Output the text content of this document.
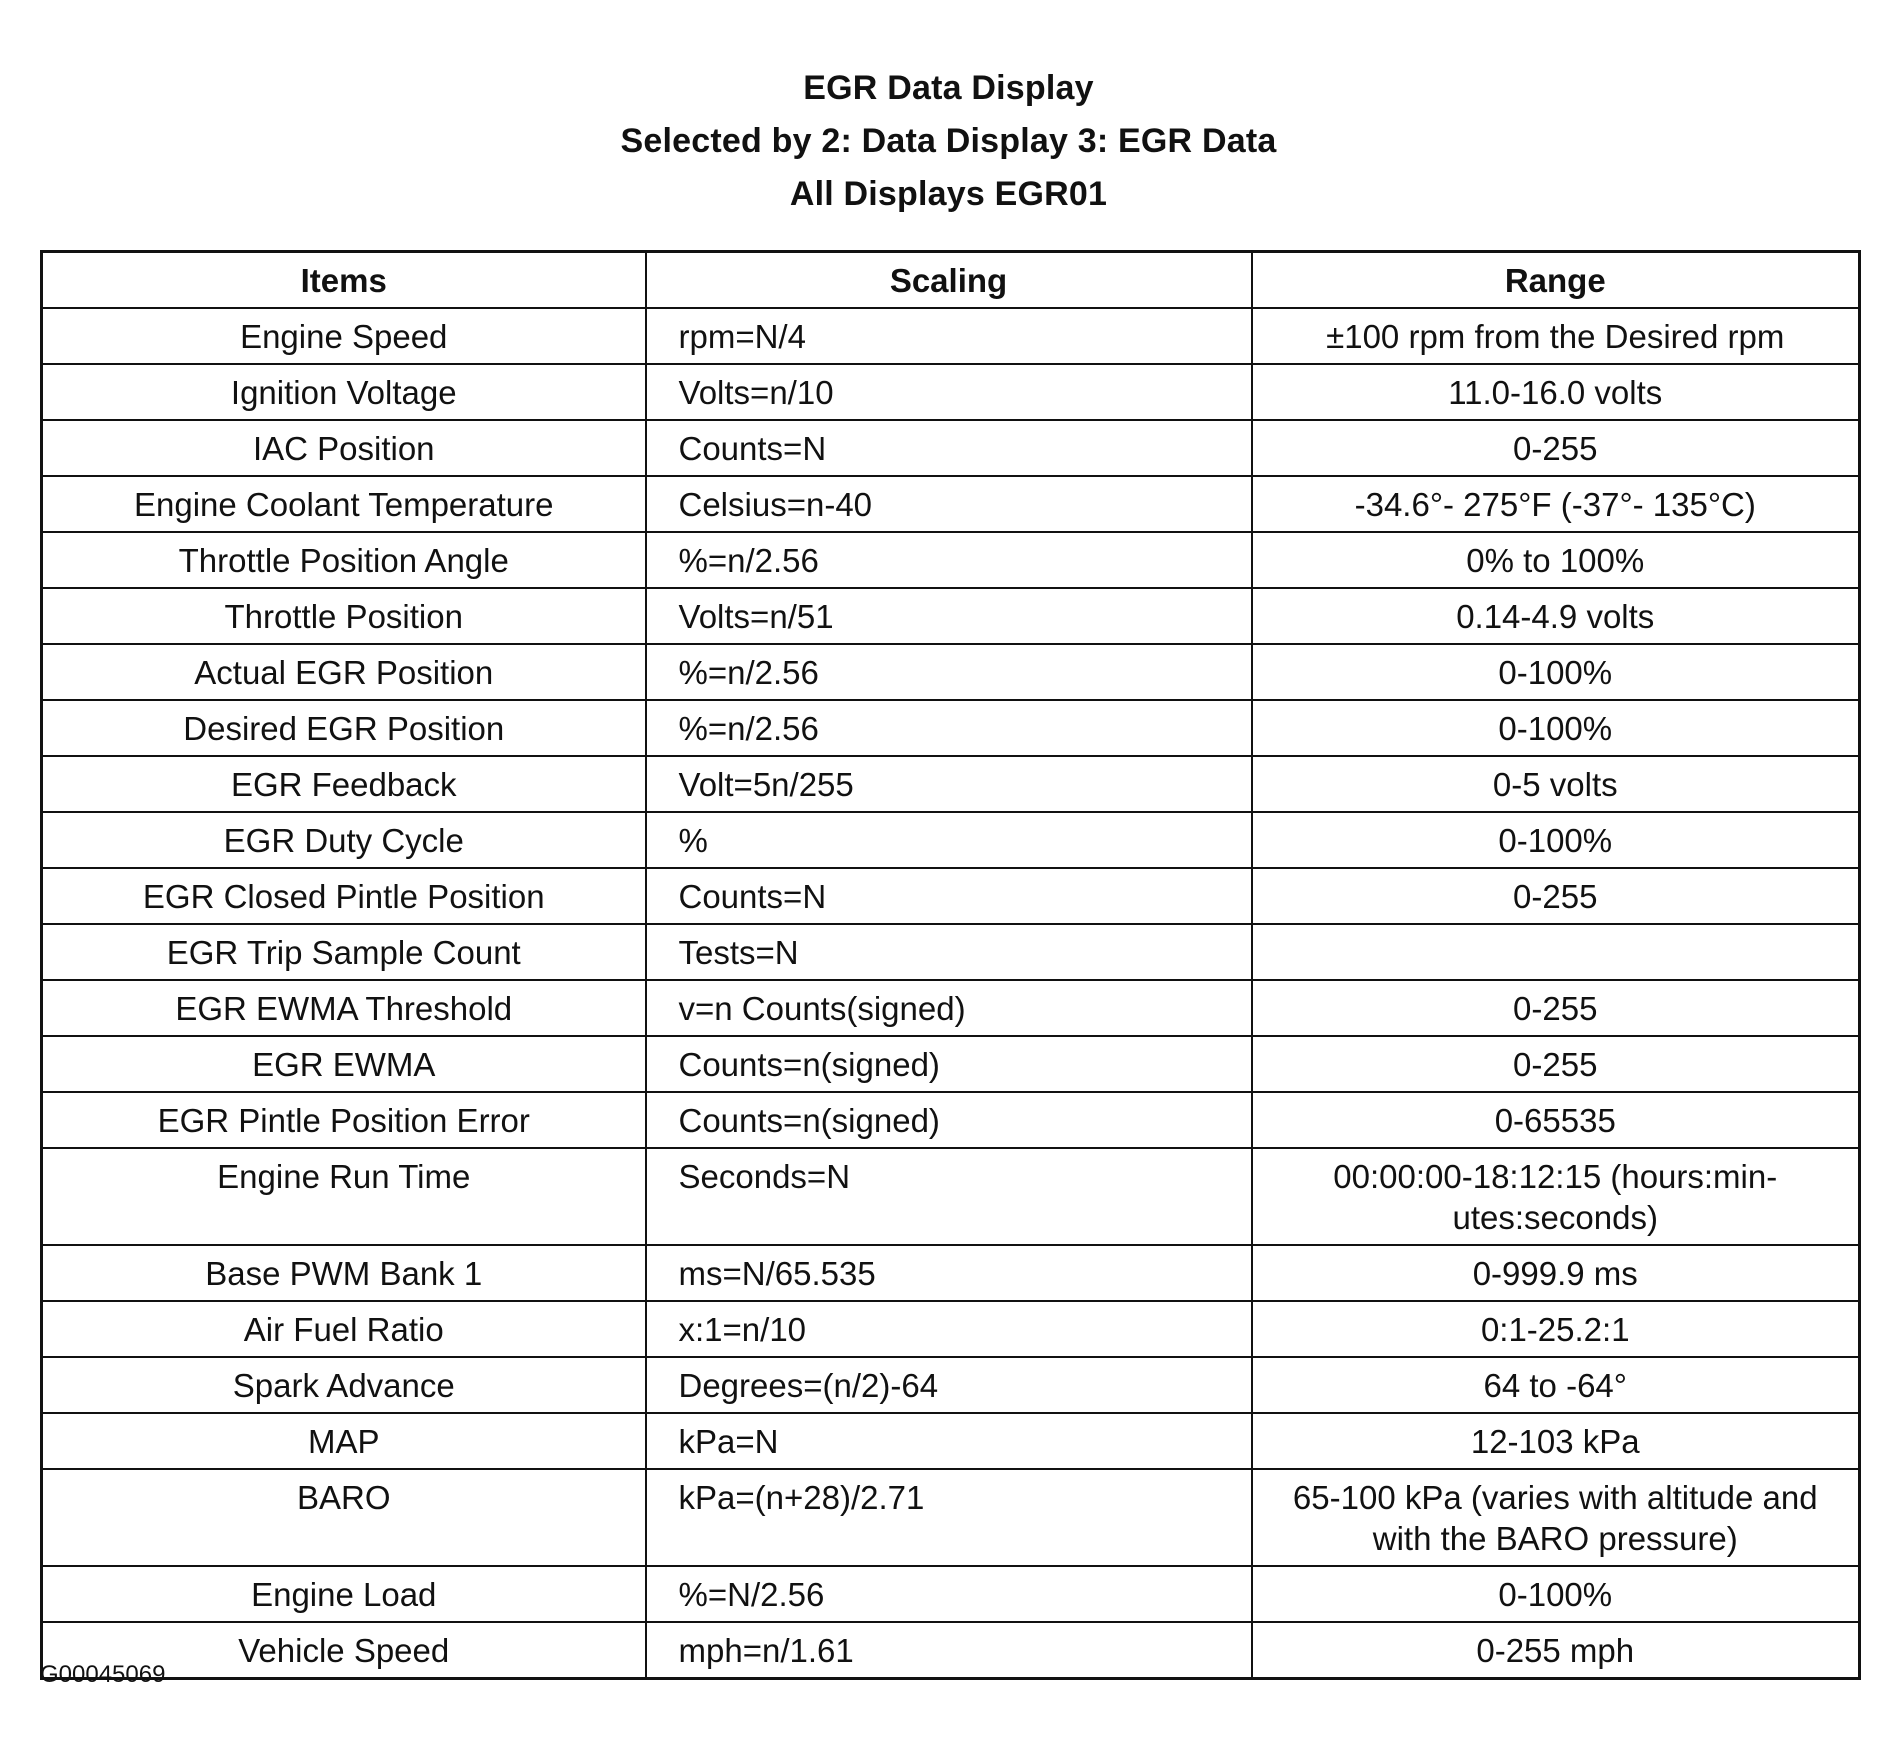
EGR Data Display
Selected by 2: Data Display 3: EGR Data
All Displays EGR01
Items	Scaling	Range
Engine Speed	rpm=N/4	±100 rpm from the Desired rpm
Ignition Voltage	Volts=n/10	11.0-16.0 volts
IAC Position	Counts=N	0-255
Engine Coolant Temperature	Celsius=n-40	-34.6°- 275°F (-37°- 135°C)
Throttle Position Angle	%=n/2.56	0% to 100%
Throttle Position	Volts=n/51	0.14-4.9 volts
Actual EGR Position	%=n/2.56	0-100%
Desired EGR Position	%=n/2.56	0-100%
EGR Feedback	Volt=5n/255	0-5 volts
EGR Duty Cycle	%	0-100%
EGR Closed Pintle Position	Counts=N	0-255
EGR Trip Sample Count	Tests=N	
EGR EWMA Threshold	v=n Counts(signed)	0-255
EGR EWMA	Counts=n(signed)	0-255
EGR Pintle Position Error	Counts=n(signed)	0-65535
Engine Run Time	Seconds=N	00:00:00-18:12:15 (hours:min-utes:seconds)
Base PWM Bank 1	ms=N/65.535	0-999.9 ms
Air Fuel Ratio	x:1=n/10	0:1-25.2:1
Spark Advance	Degrees=(n/2)-64	64 to -64°
MAP	kPa=N	12-103 kPa
BARO	kPa=(n+28)/2.71	65-100 kPa (varies with altitude and with the BARO pressure)
Engine Load	%=N/2.56	0-100%
Vehicle Speed	mph=n/1.61	0-255 mph
G00045069
